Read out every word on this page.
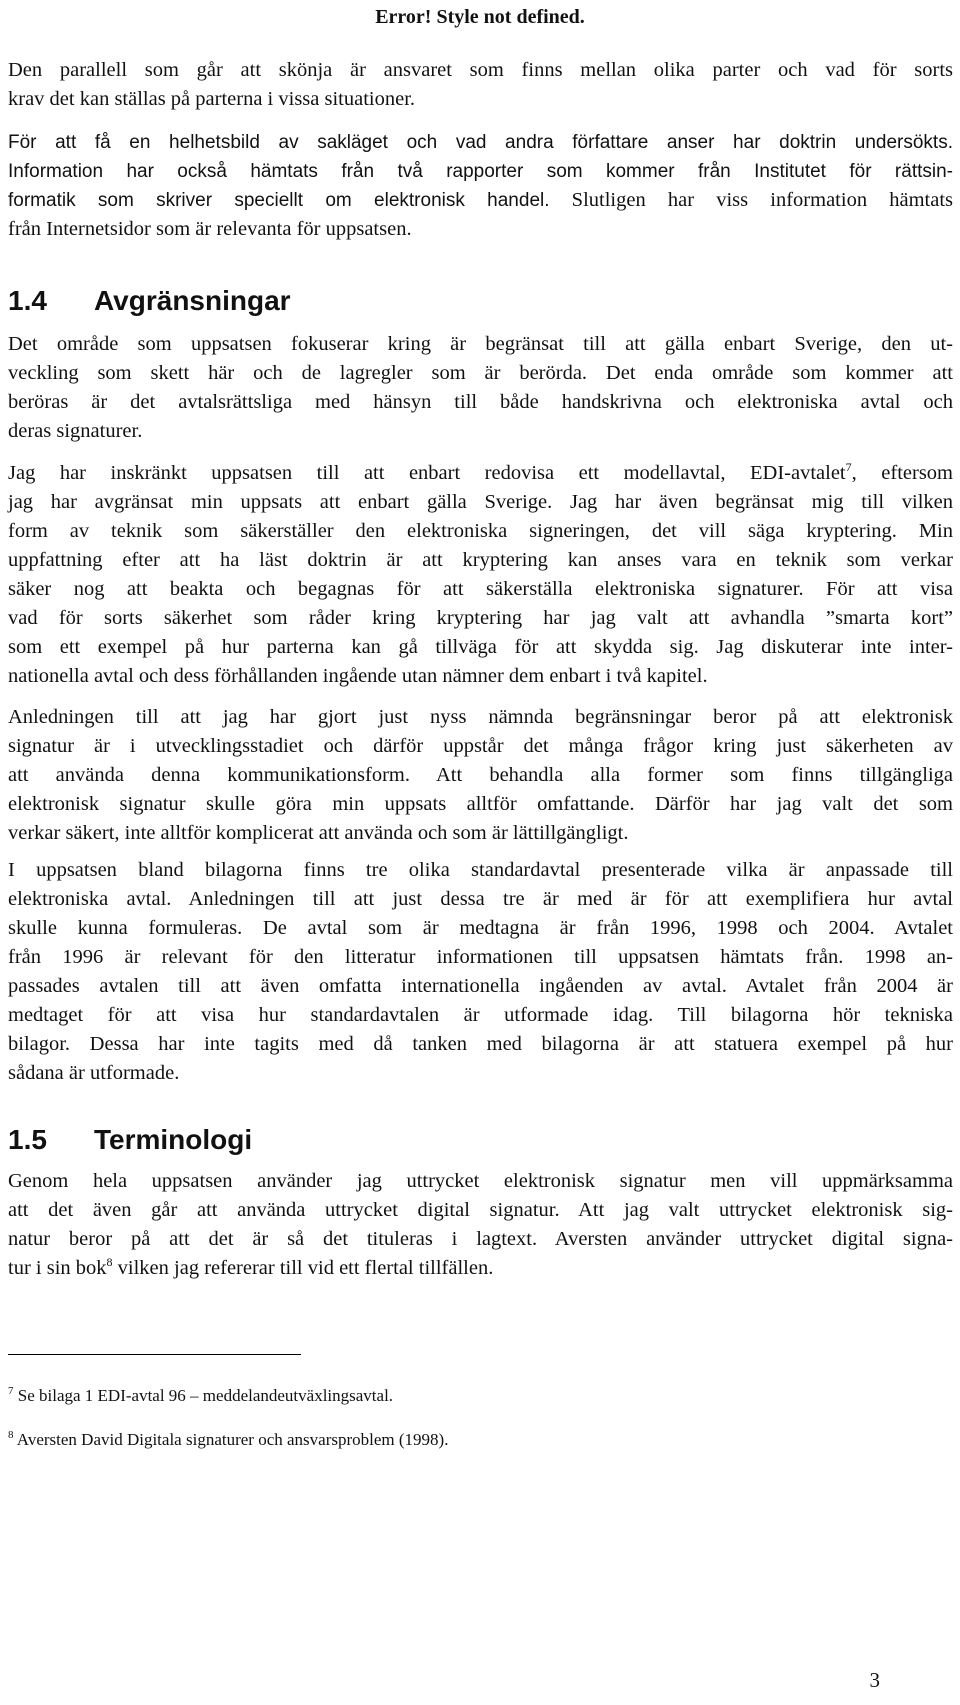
Error! Style not defined.
Den parallell som går att skönja är ansvaret som finns mellan olika parter och vad för sorts
krav det kan ställas på parterna i vissa situationer.
För att få en helhetsbild av sakläget och vad andra författare anser har doktrin undersökts.
Information har också hämtats från två rapporter som kommer från Institutet för rättsin-
formatik som skriver speciellt om elektronisk handel. Slutligen har viss information hämtats
från Internetsidor som är relevanta för uppsatsen.
1.4 Avgränsningar
Det område som uppsatsen fokuserar kring är begränsat till att gälla enbart Sverige, den ut-
veckling som skett här och de lagregler som är berörda. Det enda område som kommer att
beröras är det avtalsrättsliga med hänsyn till både handskrivna och elektroniska avtal och
deras signaturer.
Jag har inskränkt uppsatsen till att enbart redovisa ett modellavtal, EDI-avtalet$^7$, eftersom
jag har avgränsat min uppsats att enbart gälla Sverige. Jag har även begränsat mig till vilken
form av teknik som säkerställer den elektroniska signeringen, det vill säga kryptering. Min
uppfattning efter att ha läst doktrin är att kryptering kan anses vara en teknik som verkar
säker nog att beakta och begagnas för att säkerställa elektroniska signaturer. För att visa
vad för sorts säkerhet som råder kring kryptering har jag valt att avhandla ”smarta kort”
som ett exempel på hur parterna kan gå tillväga för att skydda sig. Jag diskuterar inte inter-
nationella avtal och dess förhållanden ingående utan nämner dem enbart i två kapitel.
Anledningen till att jag har gjort just nyss nämnda begränsningar beror på att elektronisk
signatur är i utvecklingsstadiet och därför uppstår det många frågor kring just säkerheten av
att använda denna kommunikationsform. Att behandla alla former som finns tillgängliga
elektronisk signatur skulle göra min uppsats alltför omfattande. Därför har jag valt det som
verkar säkert, inte alltför komplicerat att använda och som är lättillgängligt.
I uppsatsen bland bilagorna finns tre olika standardavtal presenterade vilka är anpassade till
elektroniska avtal. Anledningen till att just dessa tre är med är för att exemplifiera hur avtal
skulle kunna formuleras. De avtal som är medtagna är från 1996, 1998 och 2004. Avtalet
från 1996 är relevant för den litteratur informationen till uppsatsen hämtats från. 1998 an-
passades avtalen till att även omfatta internationella ingåenden av avtal. Avtalet från 2004 är
medtaget för att visa hur standardavtalen är utformade idag. Till bilagorna hör tekniska
bilagor. Dessa har inte tagits med då tanken med bilagorna är att statuera exempel på hur
sådana är utformade.
1.5 Terminologi
Genom hela uppsatsen använder jag uttrycket elektronisk signatur men vill uppmärksamma
att det även går att använda uttrycket digital signatur. Att jag valt uttrycket elektronisk sig-
natur beror på att det är så det tituleras i lagtext. Aversten använder uttrycket digital signa-
tur i sin bok$^8$ vilken jag refererar till vid ett flertal tillfällen.
$^7$ Se bilaga 1 EDI-avtal 96 – meddelandeutväxlingsavtal.
$^8$ Aversten David Digitala signaturer och ansvarsproblem (1998).
3
